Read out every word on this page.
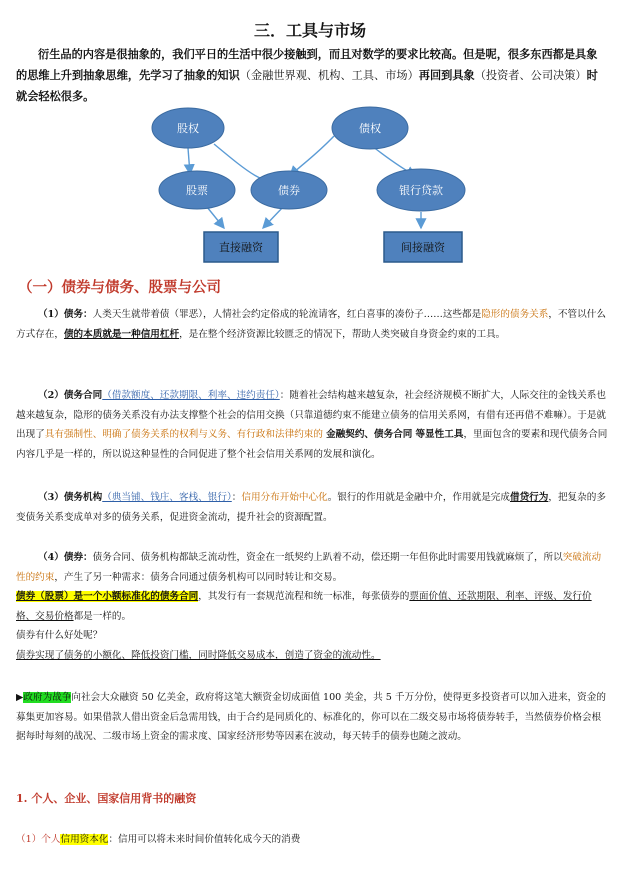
三．工具与市场
衍生品的内容是很抽象的，我们平日的生活中很少接触到，而且对数学的要求比较高。但是呢，很多东西都是具象的思维上升到抽象思维，先学习了抽象的知识（金融世界观、机构、工具、市场）再回到具象（投资者、公司决策）时就会轻松很多。
股权	债权
股票	债券	银行贷款
直接融资	间接融资
（一）债券与债务、股票与公司
（1）债务：人类天生就带着债（罪恶），人情社会约定俗成的轮流请客，红白喜事的凑份子……这些都是隐形的债务关系，不管以什么方式存在，债的本质就是一种信用杠杆，是在整个经济资源比较匮乏的情况下，帮助人类突破自身资金约束的工具。
（2）债务合同（借款额度、还款期限、利率、违约责任）：随着社会结构越来越复杂，社会经济规模不断扩大，人际交往的金钱关系也越来越复杂，隐形的债务关系没有办法支撑整个社会的信用交换（只靠道德约束不能建立债务的信用关系网，有借有还再借不难嘛）。于是就出现了具有强制性、明确了债务关系的权利与义务、有行政和法律约束的 金融契约、债务合同 等显性工具，里面包含的要素和现代债务合同内容几乎是一样的，所以说这种显性的合同促进了整个社会信用关系网的发展和演化。
（3）债务机构（典当铺、钱庄、客栈、银行）：信用分布开始中心化。银行的作用就是金融中介，作用就是完成借贷行为，把复杂的多变债务关系变成单对多的债务关系，促进资金流动，提升社会的资源配置。
（4）债券：债务合同、债务机构都缺乏流动性，资金在一纸契约上趴着不动，偿还期一年但你此时需要用钱就麻烦了，所以突破流动性的约束，产生了另一种需求：债务合同通过债务机构可以同时转让和交易。
债券（股票）是一个小额标准化的债务合同，其发行有一套规范流程和统一标准，每张债券的票面价值、还款期限、利率、评级、发行价格、交易价格都是一样的。
债券有什么好处呢？
债券实现了债务的小额化、降低投资门槛，同时降低交易成本，创造了资金的流动性。
▶政府为战争向社会大众融资 50 亿美金，政府将这笔大额资金切成面值 100 美金，共 5 千万分份，使得更多投资者可以加入进来，资金的募集更加容易。如果借款人借出资金后急需用钱，由于合约是同质化的、标准化的，你可以在二级交易市场将债券转手，当然债券价格会根据每时每刻的战况、二级市场上资金的需求度、国家经济形势等因素在波动，每天转手的债券也随之波动。
1. 个人、企业、国家信用背书的融资
（1）个人信用资本化：信用可以将未来时间价值转化成今天的消费
